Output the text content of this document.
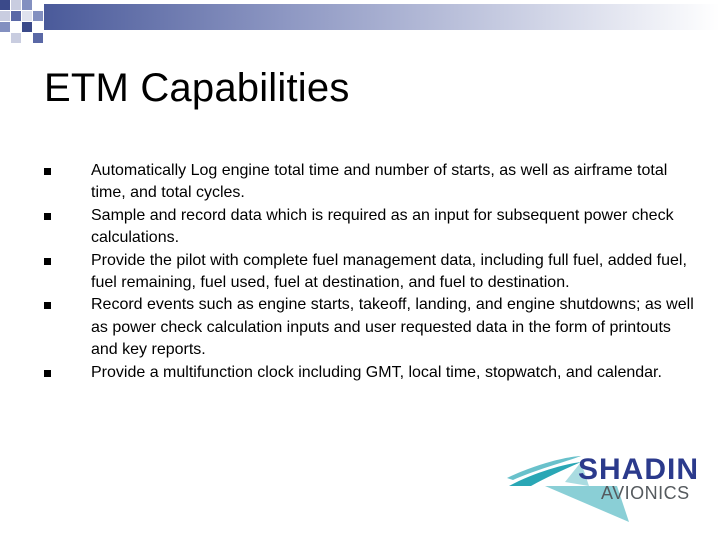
ETM Capabilities
Automatically Log engine total time and number of starts, as well as airframe total time, and total cycles.
Sample and record data which is required as an input for subsequent power check calculations.
Provide the pilot with complete fuel management data, including full fuel, added fuel, fuel remaining, fuel used, fuel at destination, and fuel to destination.
Record events such as engine starts, takeoff, landing, and engine shutdowns; as well as power check calculation inputs and user requested data in the form of printouts and key reports.
Provide a multifunction clock including GMT, local time, stopwatch, and calendar.
SHADIN
AVIONICS
